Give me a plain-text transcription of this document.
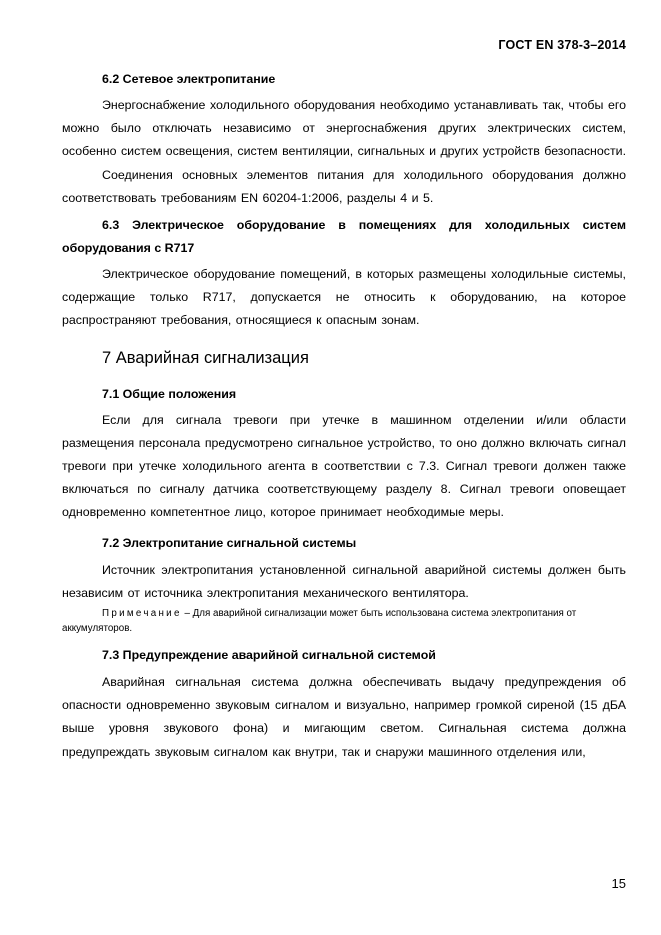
ГОСТ EN 378-3–2014

6.2 Сетевое электропитание

Энергоснабжение холодильного оборудования необходимо устанавливать так, чтобы его можно было отключать независимо от энергоснабжения других электрических систем, особенно систем освещения, систем вентиляции, сигнальных и других устройств безопасности.

Соединения основных элементов питания для холодильного оборудования должно соответствовать требованиям EN 60204-1:2006, разделы 4 и 5.

6.3 Электрическое оборудование в помещениях для холодильных систем оборудования с R717

Электрическое оборудование помещений, в которых размещены холодильные системы, содержащие только R717, допускается не относить к оборудованию, на которое распространяют требования, относящиеся к опасным зонам.

7 Аварийная сигнализация

7.1 Общие положения

Если для сигнала тревоги при утечке в машинном отделении и/или области размещения персонала предусмотрено сигнальное устройство, то оно должно включать сигнал тревоги при утечке холодильного агента в соответствии с 7.3. Сигнал тревоги должен также включаться по сигналу датчика соответствующему разделу 8. Сигнал тревоги оповещает одновременно компетентное лицо, которое принимает необходимые меры.

7.2 Электропитание сигнальной системы

Источник электропитания установленной сигнальной аварийной системы должен быть независим от источника электропитания механического вентилятора.

Примечание – Для аварийной сигнализации может быть использована система электропитания от аккумуляторов.

7.3 Предупреждение аварийной сигнальной системой

Аварийная сигнальная система должна обеспечивать выдачу предупреждения об опасности одновременно звуковым сигналом и визуально, например громкой сиреной (15 дБА выше уровня звукового фона) и мигающим светом. Сигнальная система должна предупреждать звуковым сигналом как внутри, так и снаружи машинного отделения или,

15
